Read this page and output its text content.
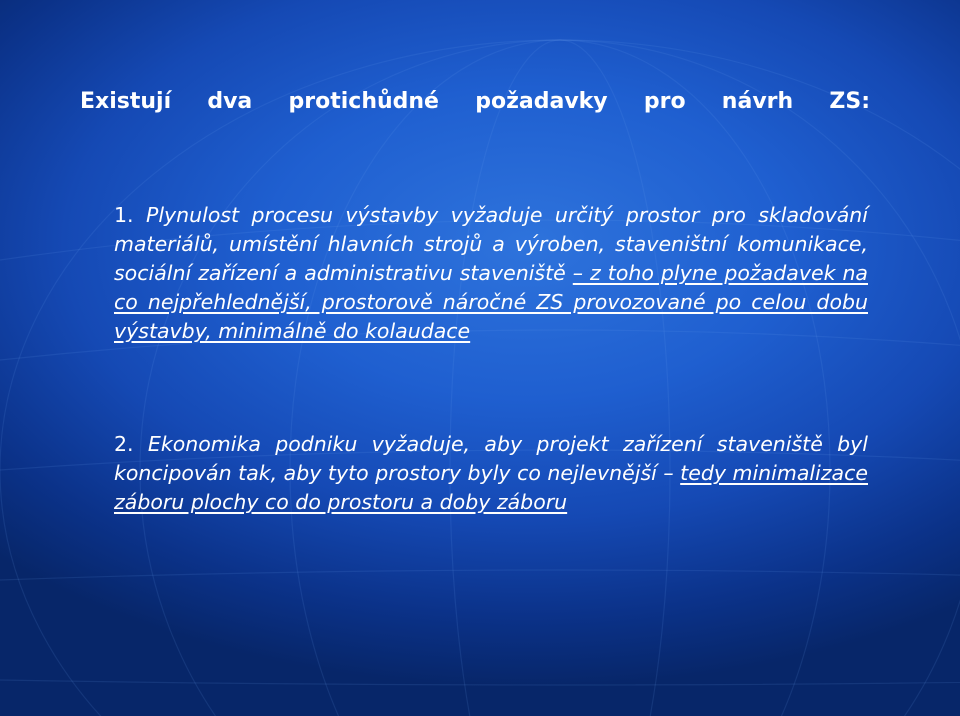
Existují dva protichůdné požadavky pro návrh ZS:
1. Plynulost procesu výstavby vyžaduje určitý prostor pro skladování materiálů, umístění hlavních strojů a výroben, staveništní komunikace, sociální zařízení a administrativu staveniště – z toho plyne požadavek na co nejpřehlednější, prostorově náročné ZS provozované po celou dobu výstavby, minimálně do kolaudace
2. Ekonomika podniku vyžaduje, aby projekt zařízení staveniště byl koncipován tak, aby tyto prostory byly co nejlevnější – tedy minimalizace záboru plochy co do prostoru a doby záboru
